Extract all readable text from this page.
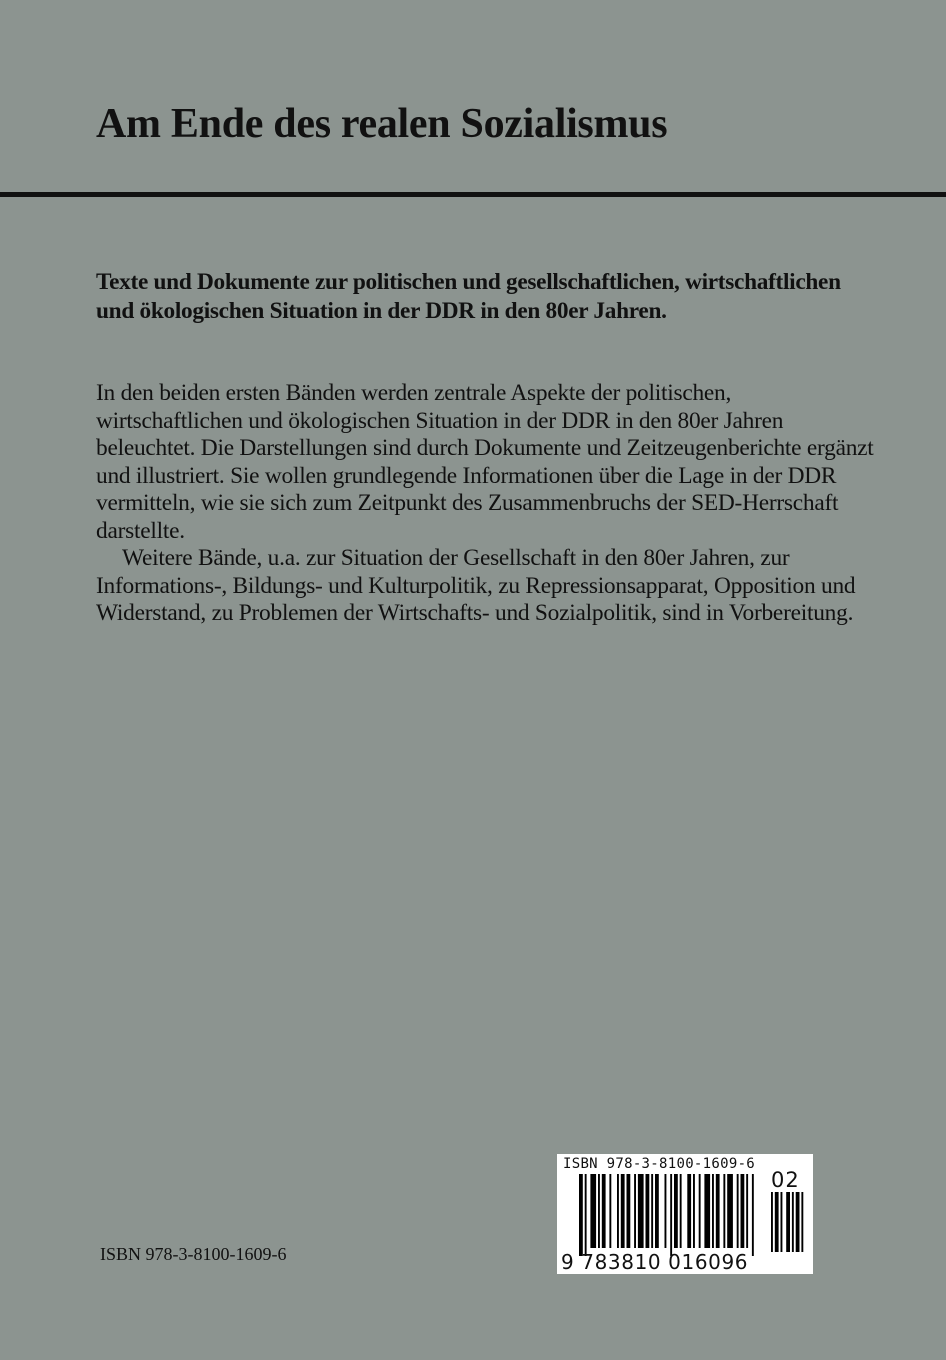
Am Ende des realen Sozialismus
Texte und Dokumente zur politischen und gesellschaftlichen, wirtschaftlichen und ökologischen Situation in der DDR in den 80er Jahren.

In den beiden ersten Bänden werden zentrale Aspekte der politischen, wirtschaftlichen und ökologischen Situation in der DDR in den 80er Jahren beleuchtet. Die Darstellungen sind durch Dokumente und Zeitzeugenberichte ergänzt und illustriert. Sie wollen grundlegende Informationen über die Lage in der DDR vermitteln, wie sie sich zum Zeitpunkt des Zusammenbruchs der SED-Herrschaft darstellte.

Weitere Bände, u.a. zur Situation der Gesellschaft in den 80er Jahren, zur Informations-, Bildungs- und Kulturpolitik, zu Repressionsapparat, Opposition und Widerstand, zu Problemen der Wirtschafts- und Sozialpolitik, sind in Vorbereitung.

ISBN 978-3-8100-1609-6
ISBN 978-3-8100-1609-6
02
9 783810 016096
